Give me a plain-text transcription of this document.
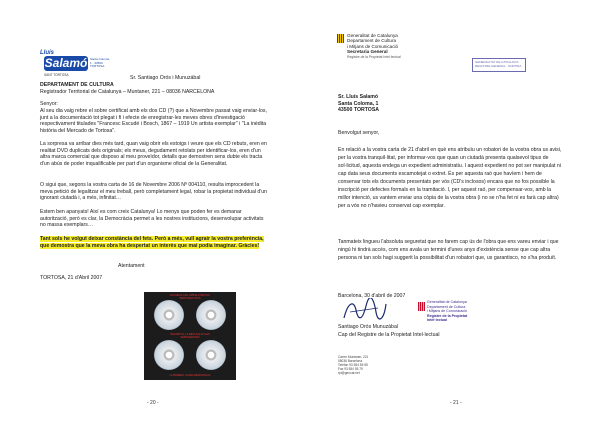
Lluís
Salamó Santa Coloma, 1 · 43500 TORTOSA
SANT TORTOSA	Sr. Santiago Orós i Munuzábal
DEPARTAMENT DE CULTURA
Registrador Territorial de Catalunya – Muntaner, 221 – 08036 NARCELONA
Senyor:

Al seu dia vaig rebre el sobre certificat amb els dos CD (?) que a Novembre passat vaig enviar-los, junt a la documentació tot plegat i fi i efecte de enregistrar-les meves obres d'investigació respectivament titulades "Francesc Escudé i Bosch, 1867 – 1919 Un artista exemplar" i "La inèdita història del Mercado de Tortosa".

La sorpresa va arribar dies més tard, quan vaig obrir els estoigs i veure que els CD rebuts, eren en realitat DVD duplicats dels originals; els meus, degudament retolats per identificar-los, eren d'un altra marca comercial que disposo al meu proveïdor, detalls que demostren sens dubte els tracta d'un abús de poder inqualificable per part d'un organisme oficial de la Generalitat.

O sigui que, segons la vostra carta de 16 de Novembre 2006 Nº 004110, resulta improcedent la meva petició de legalitzar el meu treball, però completament legal, robar la propietat individual d'un ignorant ciutadà i, a més, infinitat…

Estem ben apanyats! Així es com creix Catalunya! Lo menys que poden fer es demanar autorització, però es clar, la Democràcia permet a les nostres institucions, desenvolupar activitats no massa exemplars…

Tant sols he volgut deixar constància del fets. Però a més, vull agrair la vostra preferència, que demostra que la meva obra ha despertat un interès que mai podia imaginar. Gràcies!

Atentament
TORTOSA, 21 d'Abril 2007
ELS MEUS CDS, AMB ELS RETOLS PERSONALITZATS
MAGNETOS, LA MEVA FAÇ EN LES DEPENDENCIES
LA PRIMERA, ALIADA DEMOCRACIA
- 20 -
Generalitat de Catalunya
Departament de Cultura
i Mitjans de Comunicació
Secretaria General
Registre de la Propietat Intel·lectual
GENERALITAT DE CATALUNYA · REGISTRE GENERAL · SORTIDA
Sr. Lluís Salamó
Santa Coloma, 1
43500 TORTOSA
Benvolgut senyor,

En relació a la vostra carta de 21 d'abril en què ens atribuïu un robatori de la vostra obra us avisi, per la vostra tranquil·litat, per informar-vos que quan un ciutadà presenta qualsevol tipus de sol·licitud, aquesta endega un expedient administratiu. I aquest expedient no pot ser manipulat ni cap data seus documents escamotejat o extret. És per aquesta raó que havíem i hem de conservar tots els documents presentats per vós (CD's inclosos) encara que no fos possible la inscripció per defectes formals en la tramitació. I, per aquest raó, per compensar-vos, amb la millor intenció, us vantem enviar una còpia de la vostra obra (i no se n'ha fet ni es farà cap altra) per a vós no n'havieu conservat cap exemplar.

Tanmateix lingueu l'absoluta seguretat que no farem cap ús de l'obra que ens vareu enviar i que ningú hi tindrà accés, com ens avala un termini d'unes anys d'existència sense que cap altra persona ni tan sols hagi suggerit la possibilitat d'un robatori que, us garantisco, no s'ha produït.

Barcelona, 30 d'abril de 2007
Generalitat de Catalunya
Departament de Cultura
i Mitjans de Comunicació
Registre de la Propietat Intel·lectual
Santiago Orós Munuzábal
Cap del Registre de la Propietat Intel·lectual
Carrer Muntaner, 221
08036 Barcelona
Telèfon 93 554 55 55
Fax 93 554 55 79
rpi@gencat.net
- 21 -
